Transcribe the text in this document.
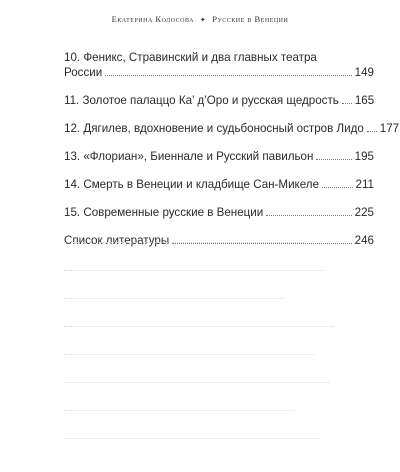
Екатерина Колосова ✦ Русские в Венеции
10. Феникс, Стравинский и два главных театра
России	149
11. Золотое палаццо Ка’ д’Оро и русская щедрость 165
12. Дягилев, вдохновение и судьбоносный остров Лидо 177
13. «Флориан», Биеннале и Русский павильон	195
14. Смерть в Венеции и кладбище Сан-Микеле	211
15. Современные русские в Венеции	225
Список литературы	246
